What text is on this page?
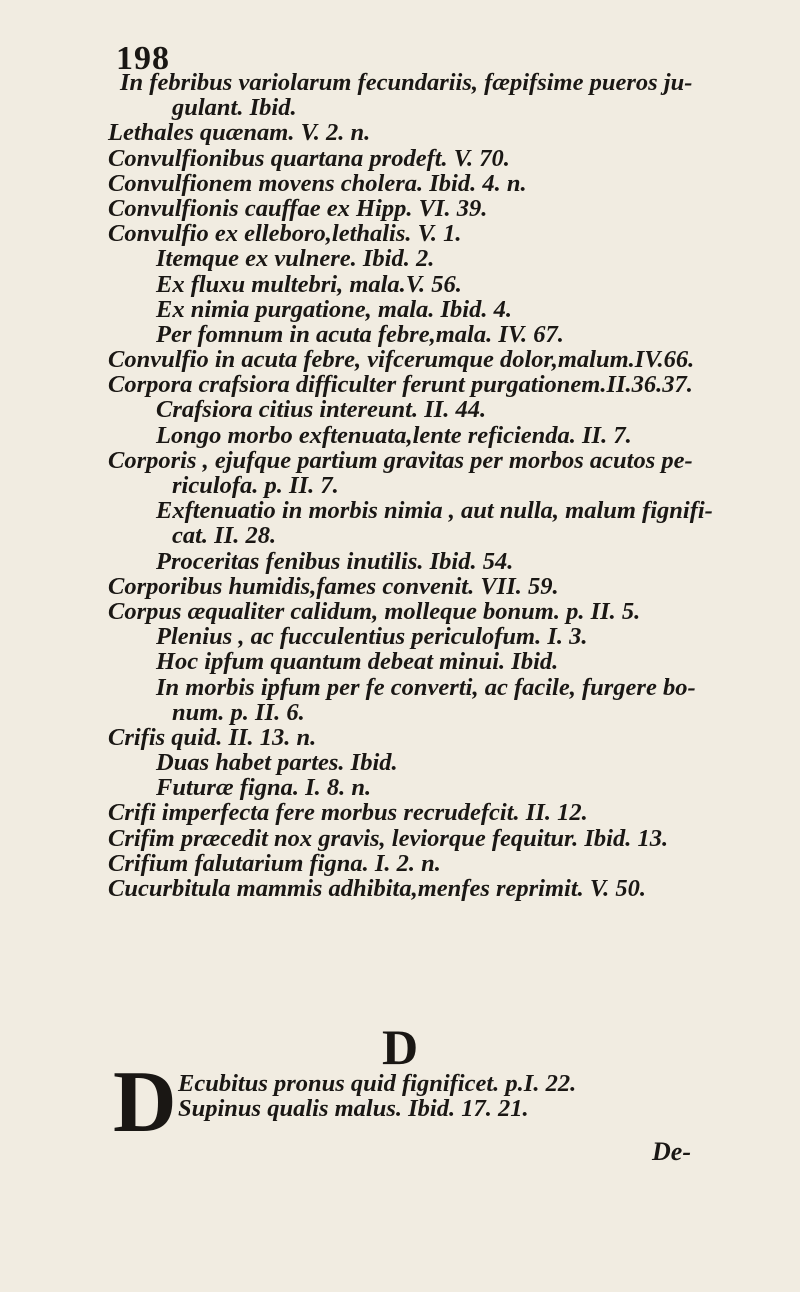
198
In febribus variolarum fecundariis, fæpifsime pueros ju-
gulant. Ibid.
Lethales quænam. V. 2. n.
Convulfionibus quartana prodeft. V. 70.
Convulfionem movens cholera. Ibid. 4. n.
Convulfionis cauffae ex Hipp. VI. 39.
Convulfio ex elleboro,lethalis. V. 1.
Itemque ex vulnere. Ibid. 2.
Ex fluxu multebri, mala.V. 56.
Ex nimia purgatione, mala. Ibid. 4.
Per fomnum in acuta febre,mala. IV. 67.
Convulfio in acuta febre, vifcerumque dolor,malum.IV.66.
Corpora crafsiora difficulter ferunt purgationem.II.36.37.
Crafsiora citius intereunt. II. 44.
Longo morbo exftenuata,lente reficienda. II. 7.
Corporis , ejufque partium gravitas per morbos acutos pe-
riculofa. p. II. 7.
Exftenuatio in morbis nimia , aut nulla, malum fignifi-
cat. II. 28.
Proceritas fenibus inutilis. Ibid. 54.
Corporibus humidis,fames convenit. VII. 59.
Corpus æqualiter calidum, molleque bonum. p. II. 5.
Plenius , ac fucculentius periculofum. I. 3.
Hoc ipfum quantum debeat minui. Ibid.
In morbis ipfum per fe converti, ac facile, furgere bo-
num. p. II. 6.
Crifis quid. II. 13. n.
Duas habet partes. Ibid.
Futuræ figna. I. 8. n.
Crifi imperfecta fere morbus recrudefcit. II. 12.
Crifim præcedit nox gravis, leviorque fequitur. Ibid. 13.
Crifium falutarium figna. I. 2. n.
Cucurbitula mammis adhibita,menfes reprimit. V. 50.
D
D Ecubitus pronus quid fignificet. p.I. 22.
Supinus qualis malus. Ibid. 17. 21.
De-
